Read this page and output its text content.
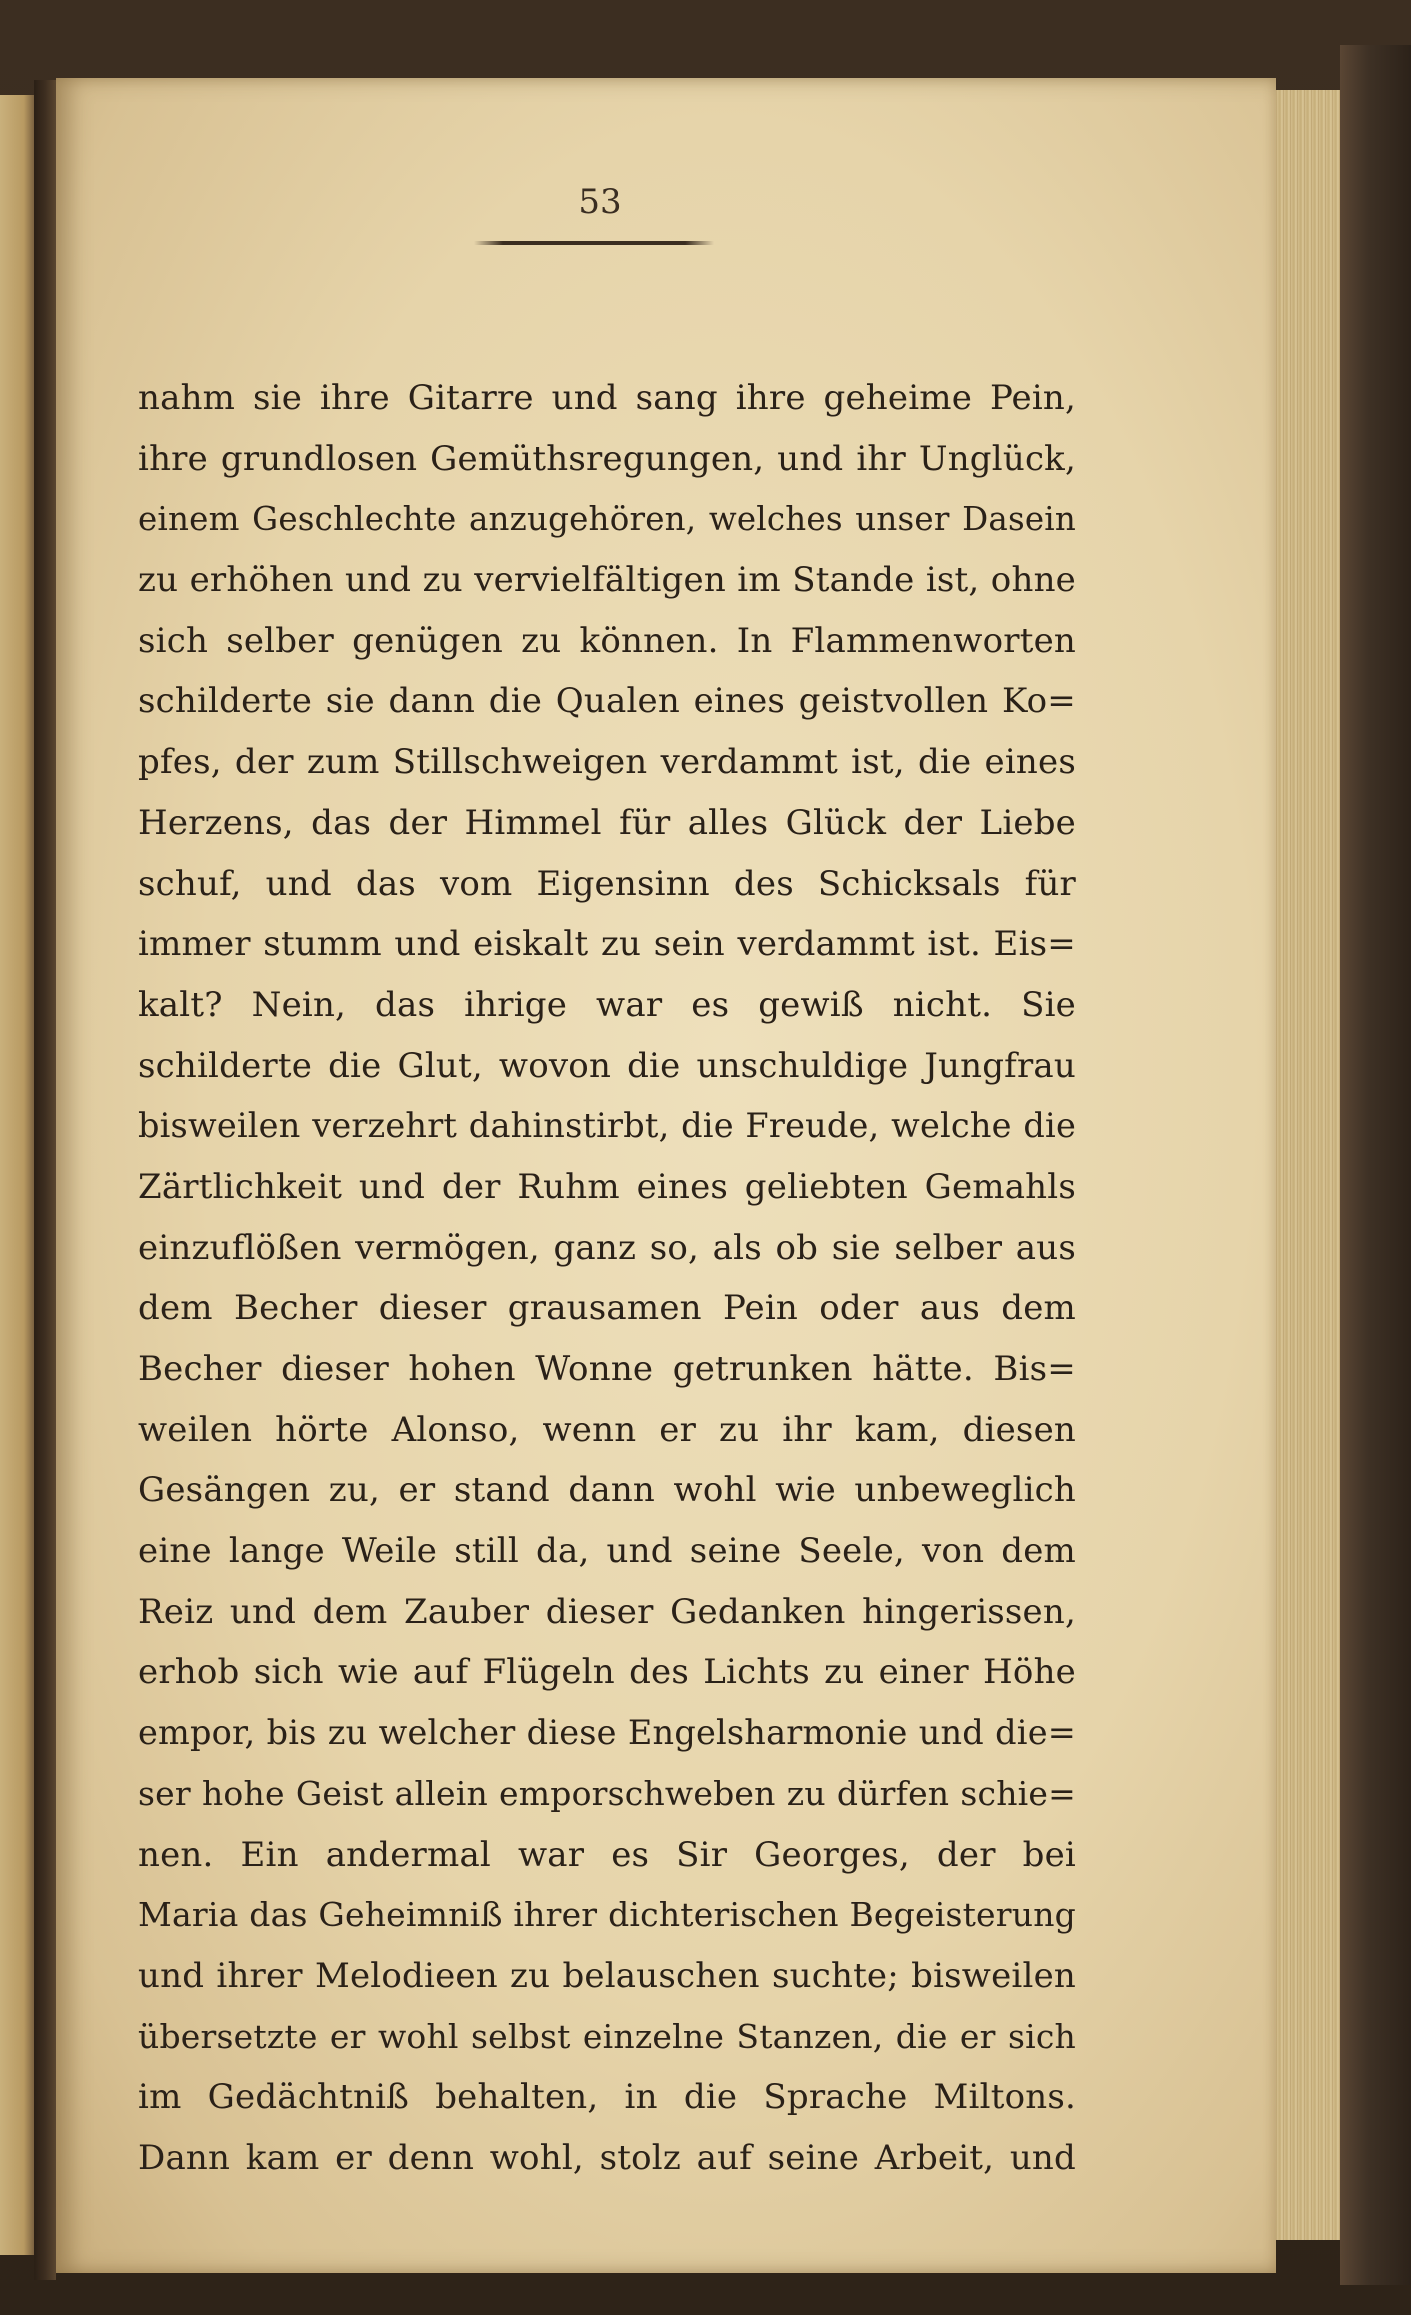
53
nahm sie ihre Gitarre und sang ihre geheime Pein,
ihre grundlosen Gemüthsregungen, und ihr Unglück,
einem Geschlechte anzugehören, welches unser Dasein
zu erhöhen und zu vervielfältigen im Stande ist, ohne
sich selber genügen zu können. In Flammenworten
schilderte sie dann die Qualen eines geistvollen Ko=
pfes, der zum Stillschweigen verdammt ist, die eines
Herzens, das der Himmel für alles Glück der Liebe
schuf, und das vom Eigensinn des Schicksals für
immer stumm und eiskalt zu sein verdammt ist. Eis=
kalt? Nein, das ihrige war es gewiß nicht. Sie
schilderte die Glut, wovon die unschuldige Jungfrau
bisweilen verzehrt dahinstirbt, die Freude, welche die
Zärtlichkeit und der Ruhm eines geliebten Gemahls
einzuflößen vermögen, ganz so, als ob sie selber aus
dem Becher dieser grausamen Pein oder aus dem
Becher dieser hohen Wonne getrunken hätte. Bis=
weilen hörte Alonso, wenn er zu ihr kam, diesen
Gesängen zu, er stand dann wohl wie unbeweglich
eine lange Weile still da, und seine Seele, von dem
Reiz und dem Zauber dieser Gedanken hingerissen,
erhob sich wie auf Flügeln des Lichts zu einer Höhe
empor, bis zu welcher diese Engelsharmonie und die=
ser hohe Geist allein emporschweben zu dürfen schie=
nen. Ein andermal war es Sir Georges, der bei
Maria das Geheimniß ihrer dichterischen Begeisterung
und ihrer Melodieen zu belauschen suchte; bisweilen
übersetzte er wohl selbst einzelne Stanzen, die er sich
im Gedächtniß behalten, in die Sprache Miltons.
Dann kam er denn wohl, stolz auf seine Arbeit, und
